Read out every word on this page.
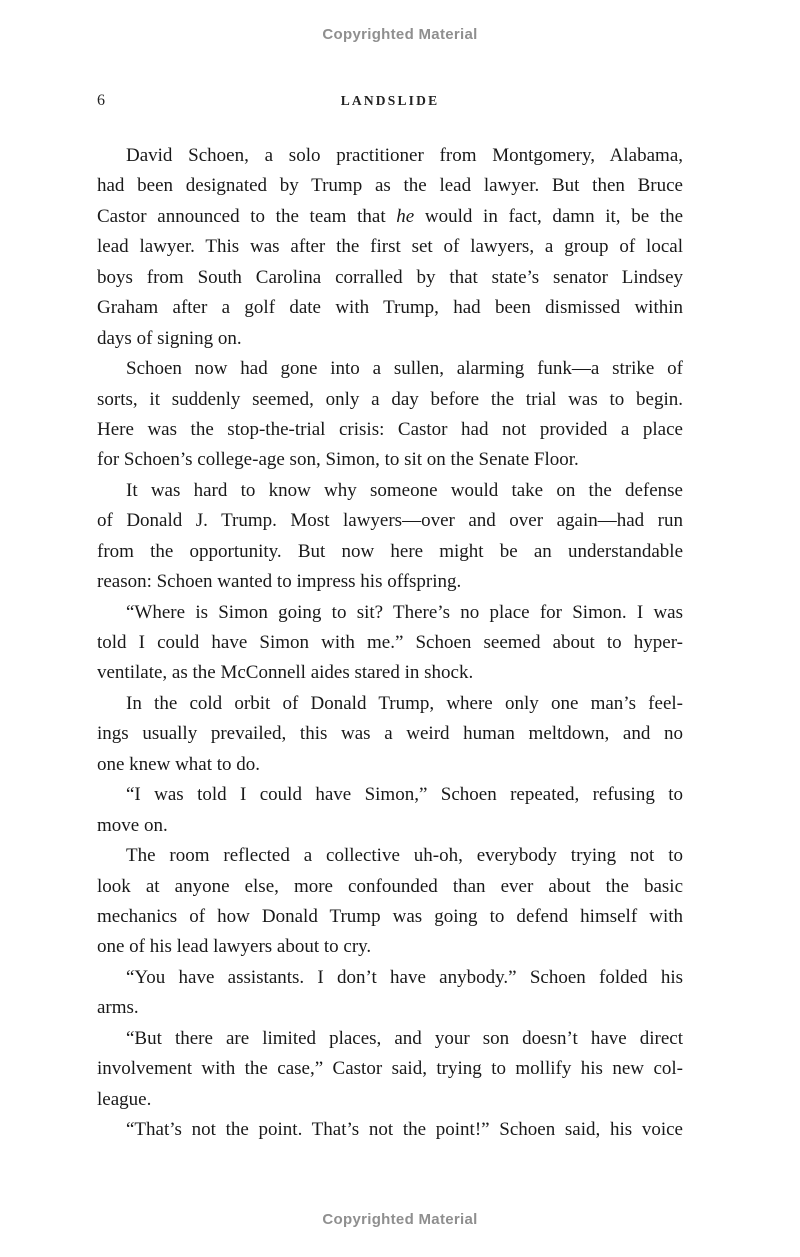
Copyrighted Material
6	LANDSLIDE

David Schoen, a solo practitioner from Montgomery, Alabama,
had been designated by Trump as the lead lawyer. But then Bruce
Castor announced to the team that he would in fact, damn it, be the
lead lawyer. This was after the first set of lawyers, a group of local
boys from South Carolina corralled by that state’s senator Lindsey
Graham after a golf date with Trump, had been dismissed within
days of signing on.

Schoen now had gone into a sullen, alarming funk—a strike of
sorts, it suddenly seemed, only a day before the trial was to begin.
Here was the stop-the-trial crisis: Castor had not provided a place
for Schoen’s college-age son, Simon, to sit on the Senate Floor.

It was hard to know why someone would take on the defense
of Donald J. Trump. Most lawyers—over and over again—had run
from the opportunity. But now here might be an understandable
reason: Schoen wanted to impress his offspring.

“Where is Simon going to sit? There’s no place for Simon. I was
told I could have Simon with me.” Schoen seemed about to hyper-
ventilate, as the McConnell aides stared in shock.

In the cold orbit of Donald Trump, where only one man’s feel-
ings usually prevailed, this was a weird human meltdown, and no
one knew what to do.

“I was told I could have Simon,” Schoen repeated, refusing to
move on.

The room reflected a collective uh-oh, everybody trying not to
look at anyone else, more confounded than ever about the basic
mechanics of how Donald Trump was going to defend himself with
one of his lead lawyers about to cry.

“You have assistants. I don’t have anybody.” Schoen folded his
arms.

“But there are limited places, and your son doesn’t have direct
involvement with the case,” Castor said, trying to mollify his new col-
league.

“That’s not the point. That’s not the point!” Schoen said, his voice

Copyrighted Material
